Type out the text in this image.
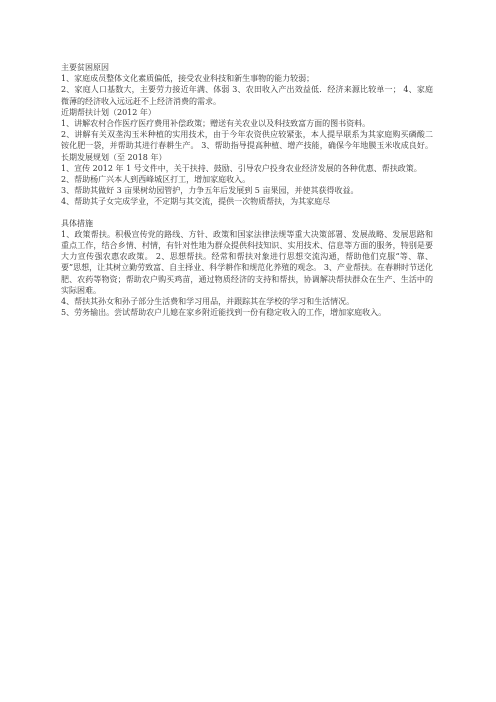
主要贫困原因

1、家庭成员整体文化素质偏低，接受农业科技和新生事物的能力较弱；

2、家庭人口基数大，主要劳力接近年满、体弱 3、农田收入产出效益低．经济来源比较单一； 4、家庭微薄的经济收入远远赶不上经济消费的需求。

近期帮扶计划（2012 年）

1、讲解农村合作医疗医疗费用补偿政策；赠送有关农业以及科技致富方面的图书资料。

2、讲解有关双垄沟玉米种植的实用技术，由于今年农资供应较紧张，本人提早联系为其家庭购买磷酸二铵化肥一袋，并帮助其进行春耕生产。 3、帮助指导提高种植、增产技能，确保今年地膜玉米收成良好。 长期发展规划（至 2018 年）

1、宣传 2012 年 1 号文件中，关于扶持、鼓励、引导农户投身农业经济发展的各种优惠、帮扶政策。

2、帮助杨广兴本人到西峰城区打工，增加家庭收入。

3、帮助其做好 3 亩果树幼园管护，力争五年后发展到 5 亩果园，并使其获得收益。

4、帮助其子女完成学业，不定期与其交流，提供一次物质帮扶，为其家庭尽

具体措施

1、政策帮扶。积极宣传党的路线、方针、政策和国家法律法规等重大决策部署、发展战略、发展思路和重点工作，结合乡情、村情，有针对性地为群众提供科技知识、实用技术、信息等方面的服务，特别是要大力宣传强农惠农政策。 2、思想帮扶。经常和帮扶对象进行思想交流沟通，帮助他们克服“等、靠、要”思想，让其树立勤劳致富、自主择业、科学耕作和规范化养殖的观念。 3、产业帮扶。在春耕时节送化肥、农药等物资；帮助农户购买鸡苗，通过物质经济的支持和帮扶，协调解决帮扶群众在生产、生活中的实际困难。

4、帮扶其孙女和孙子部分生活费和学习用品，并跟踪其在学校的学习和生活情况。

5、劳务输出。尝试帮助农户儿媳在家乡附近能找到一份有稳定收入的工作，增加家庭收入。
